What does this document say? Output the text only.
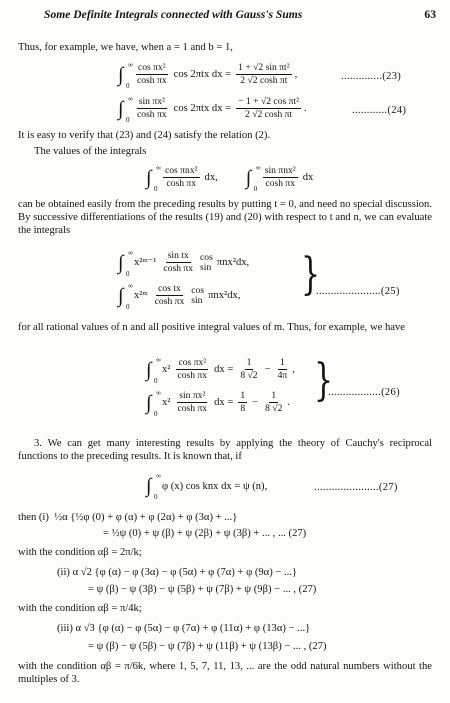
Some Definite Integrals connected with Gauss's Sums	63
Thus, for example, we have, when a = 1 and b = 1,
∫ ∞
$0 \frac{\text{cos πx²}}{\text{cosh πx}}$ cos 2πtx dx = $\frac{\text{1 + √2 sin πt²}}{\text{2 √2 cosh πt}}$ ,	..............(23)
∫ ∞
$0 \frac{\text{sin πx²}}{\text{cosh πx}}$ cos 2πtx dx = $\frac{\text{− 1 + √2 cos πt²}}{\text{2 √2 cosh πt}}$ .	............(24)
It is easy to verify that (23) and (24) satisfy the relation (2).
The values of the integrals
∫ ∞
$0 \frac{\text{cos πnx²}}{\text{cosh πx}}$ dx, ∫ ∞
$0 \frac{\text{sin πnx²}}{\text{cosh πx}}$ dx
can be obtained easily from the preceding results by putting t = 0, and need no special discussion. By successive differentiations of the results (19) and (20) with respect to t and n, we can evaluate the integrals
∫ ∞
0
x²ᵐ⁻¹ $\frac{\text{sin tx}}{\text{cosh πx}}$ cos
sin πnx²dx,
∫ ∞
0
x²ᵐ $\frac{\text{cos tx}}{\text{cosh πx}}$ cos
sin πnx²dx, }
......................(25)
for all rational values of n and all positive integral values of m. Thus, for example, we have
∫ ∞
0
$x^2 \frac{\text{cos πx²}}{\text{cosh πx}}$ dx = $\frac{1}{8 √2} - \frac{1}{4\pi}$ ,
∫ ∞
0
$x^2 \frac{\text{sin πx²}}{\text{cosh πx}}$ dx = $\frac{1}{8} - \frac{1}{8 √2}$ . }
..................(26)
3. We can get many interesting results by applying the theory of Cauchy's reciprocal functions to the preceding results. It is known that, if
∫ ∞
0
φ (x) cos knx dx = ψ (n),	......................(27)
then (i) ½α {½φ (0) + φ (α) + φ (2α) + φ (3α) + ...}
= ½ψ (0) + ψ (β) + ψ (2β) + ψ (3β) + ... , ... (27)
with the condition αβ = 2π/k;
(ii) α √2 {φ (α) − φ (3α) − φ (5α) + φ (7α) + φ (9α) − ...}
= ψ (β) − ψ (3β) − ψ (5β) + ψ (7β) + ψ (9β) − ... , (27)
with the condition αβ = π/4k;
(iii) α √3 {φ (α) − φ (5α) − φ (7α) + φ (11α) + φ (13α) − ...}
= ψ (β) − ψ (5β) − ψ (7β) + ψ (11β) + ψ (13β) − ... , (27)
with the condition αβ = π/6k, where 1, 5, 7, 11, 13, ... are the odd natural numbers without the multiples of 3.
